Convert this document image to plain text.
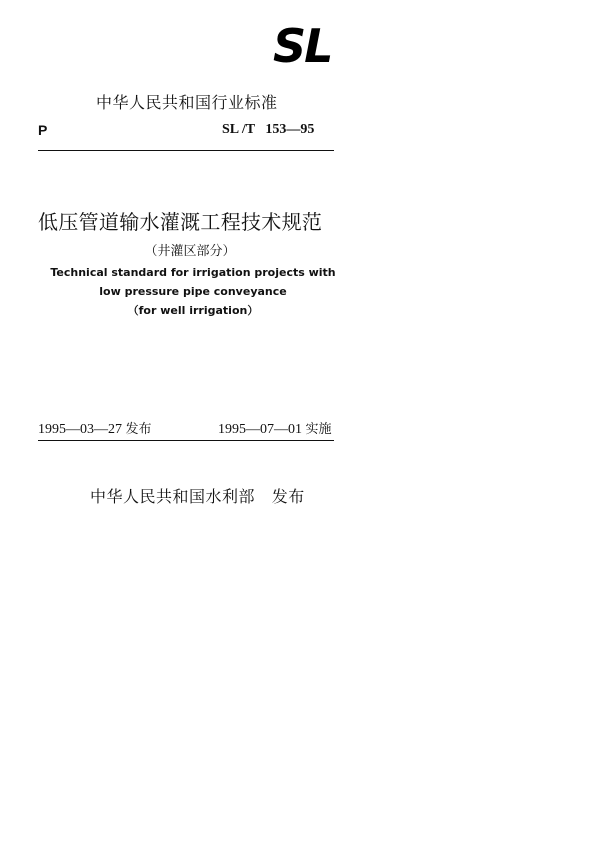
SL
中华人民共和国行业标准
P	SL /T   153—95
低压管道输水灌溉工程技术规范
（井灌区部分）
Technical standard for irrigation projects with
low pressure pipe conveyance
（for well irrigation）
1995—03—27 发布	1995—07—01 实施
中华人民共和国水利部 发布
